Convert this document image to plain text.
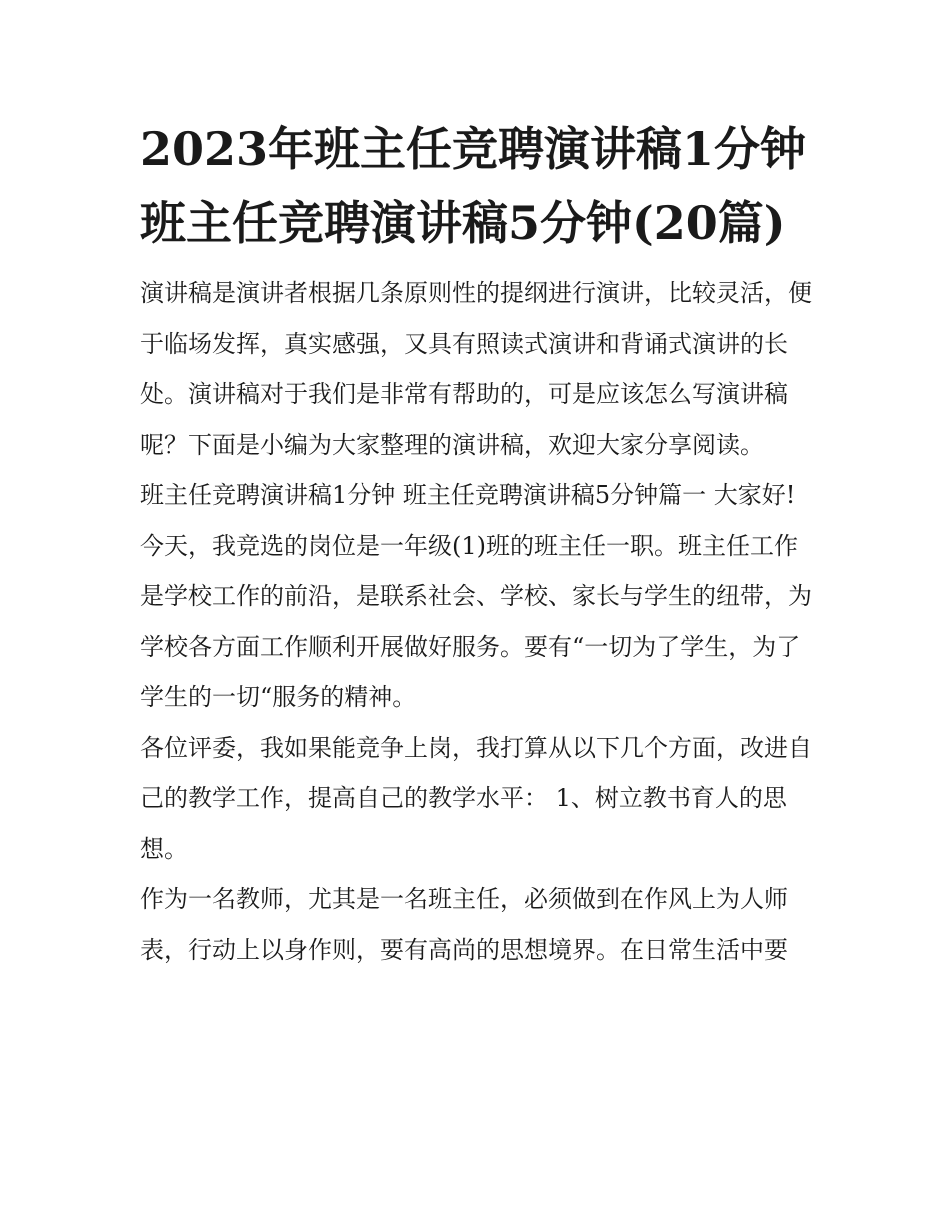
2023年班主任竞聘演讲稿1分钟 班主任竞聘演讲稿5分钟(20篇)

演讲稿是演讲者根据几条原则性的提纲进行演讲，比较灵活，便于临场发挥，真实感强，又具有照读式演讲和背诵式演讲的长处。演讲稿对于我们是非常有帮助的，可是应该怎么写演讲稿呢？下面是小编为大家整理的演讲稿，欢迎大家分享阅读。

班主任竞聘演讲稿1分钟 班主任竞聘演讲稿5分钟篇一 大家好!

今天，我竞选的岗位是一年级(1)班的班主任一职。班主任工作是学校工作的前沿，是联系社会、学校、家长与学生的纽带，为学校各方面工作顺利开展做好服务。要有“一切为了学生，为了学生的一切“服务的精神。

各位评委，我如果能竞争上岗，我打算从以下几个方面，改进自己的教学工作，提高自己的教学水平： 1、树立教书育人的思想。

作为一名教师，尤其是一名班主任，必须做到在作风上为人师表，行动上以身作则，要有高尚的思想境界。在日常生活中要
